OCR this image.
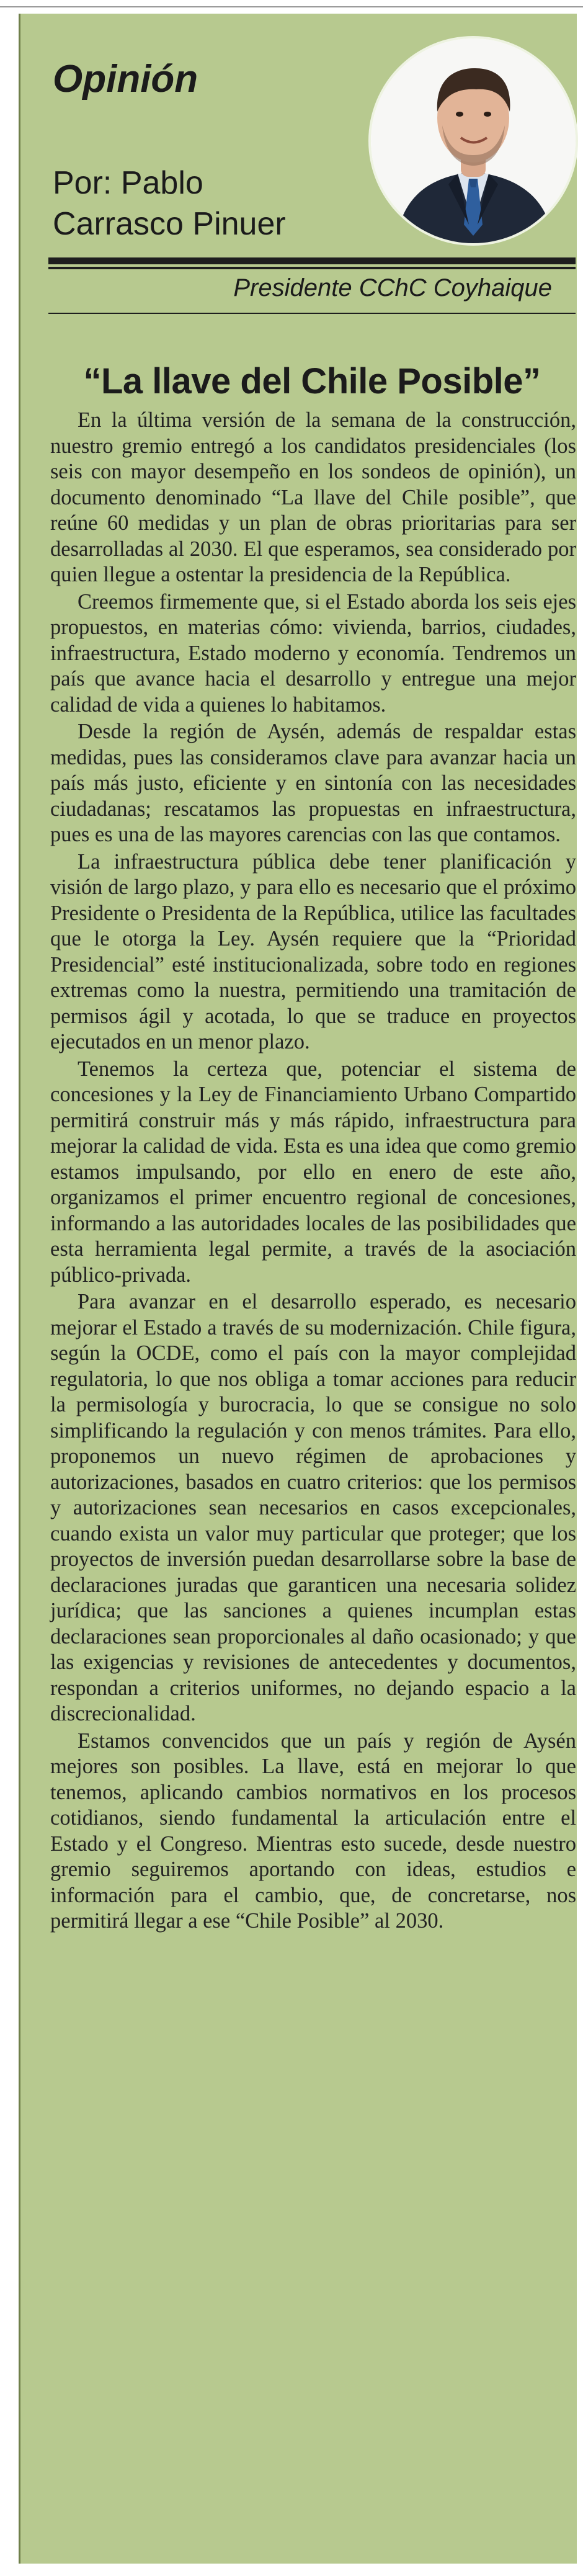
Opinión
Por: Pablo
Carrasco Pinuer
Presidente CChC Coyhaique
“La llave del Chile Posible”

En la última versión de la semana de la construcción, nuestro gremio entregó a los candidatos presidenciales (los seis con mayor desempeño en los sondeos de opinión), un documento denominado “La llave del Chile posible”, que reúne 60 medidas y un plan de obras prioritarias para ser desarrolladas al 2030. El que esperamos, sea considerado por quien llegue a ostentar la presidencia de la República.

Creemos firmemente que, si el Estado aborda los seis ejes propuestos, en materias cómo: vivienda, barrios, ciudades, infraestructura, Estado moderno y economía. Tendremos un país que avance hacia el desarrollo y entregue una mejor calidad de vida a quienes lo habitamos.

Desde la región de Aysén, además de respaldar estas medidas, pues las consideramos clave para avanzar hacia un país más justo, eficiente y en sintonía con las necesidades ciudadanas; rescatamos las propuestas en infraestructura, pues es una de las mayores carencias con las que contamos.

La infraestructura pública debe tener planificación y visión de largo plazo, y para ello es necesario que el próximo Presidente o Presidenta de la República, utilice las facultades que le otorga la Ley. Aysén requiere que la “Prioridad Presidencial” esté institucionalizada, sobre todo en regiones extremas como la nuestra, permitiendo una tramitación de permisos ágil y acotada, lo que se traduce en proyectos ejecutados en un menor plazo.

Tenemos la certeza que, potenciar el sistema de concesiones y la Ley de Financiamiento Urbano Compartido permitirá construir más y más rápido, infraestructura para mejorar la calidad de vida. Esta es una idea que como gremio estamos impulsando, por ello en enero de este año, organizamos el primer encuentro regional de concesiones, informando a las autoridades locales de las posibilidades que esta herramienta legal permite, a través de la asociación público-privada.

Para avanzar en el desarrollo esperado, es necesario mejorar el Estado a través de su modernización. Chile figura, según la OCDE, como el país con la mayor complejidad regulatoria, lo que nos obliga a tomar acciones para reducir la permisología y burocracia, lo que se consigue no solo simplificando la regulación y con menos trámites. Para ello, proponemos un nuevo régimen de aprobaciones y autorizaciones, basados en cuatro criterios: que los permisos y autorizaciones sean necesarios en casos excepcionales, cuando exista un valor muy particular que proteger; que los proyectos de inversión puedan desarrollarse sobre la base de declaraciones juradas que garanticen una necesaria solidez jurídica; que las sanciones a quienes incumplan estas declaraciones sean proporcionales al daño ocasionado; y que las exigencias y revisiones de antecedentes y documentos, respondan a criterios uniformes, no dejando espacio a la discrecionalidad.

Estamos convencidos que un país y región de Aysén mejores son posibles. La llave, está en mejorar lo que tenemos, aplicando cambios normativos en los procesos cotidianos, siendo fundamental la articulación entre el Estado y el Congreso. Mientras esto sucede, desde nuestro gremio seguiremos aportando con ideas, estudios e información para el cambio, que, de concretarse, nos permitirá llegar a ese “Chile Posible” al 2030.
